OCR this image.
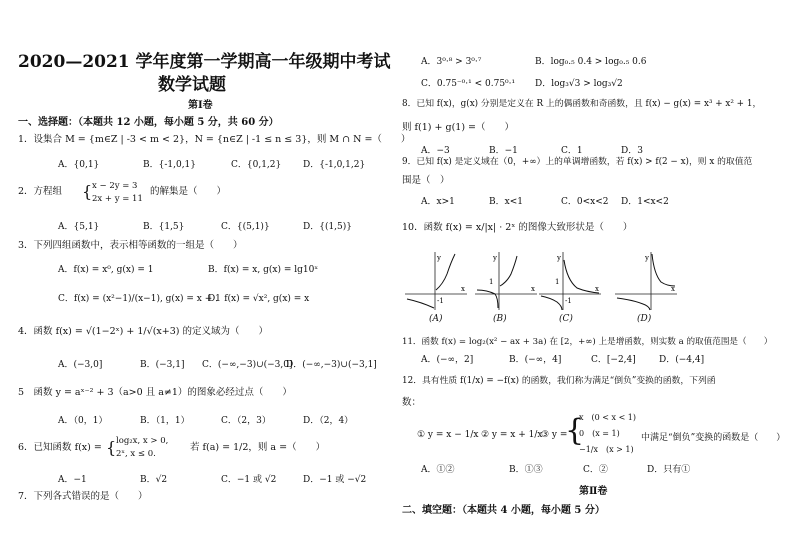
2020—2021 学年度第一学期高一年级期中考试
数学试题
第Ⅰ卷
一、选择题：（本题共 12 小题，每小题 5 分，共 60 分）
1．设集合 M = {m∈Z | -3 < m < 2}，N = {n∈Z | -1 ≤ n ≤ 3}，则 M ∩ N =（　　）
A．{0,1}	B．{-1,0,1}	C．{0,1,2} D．{-1,0,1,2}
2．方程组 { x − 2y = 3
2x + y = 11
的解集是（　　）
A．{5,1}	B．{1,5}	C．{(5,1)}	D．{(1,5)}
3．下列四组函数中，表示相等函数的一组是（　　）
A．f(x) = x⁰, g(x) = 1	B．f(x) = x, g(x) = lg10ˣ
C．f(x) = (x²−1)/(x−1), g(x) = x + 1
D．f(x) = √x², g(x) = x
4．函数 f(x) = √(1−2ˣ) + 1/√(x+3) 的定义域为（　　）
A．(−3,0]	B．(−3,1] C．(−∞,−3)∪(−3,0]
D．(−∞,−3)∪(−3,1]
5　函数 y = aˣ⁻² + 3（a>0 且 a≠1）的图象必经过点（　　）
A．（0，1）	B．（1，1）	C．（2，3）	D．（2，4）
6．已知函数 f(x) = { log₂x, x > 0,
2ˣ, x ≤ 0.
若 f(a) = 1/2，则 a =（　　）
A．−1	B．√2	C．−1 或 √2	D．−1 或 −√2
7．下列各式错误的是（　　）
A．3⁰·⁸ > 3⁰·⁷	B．log₀.₅ 0.4 > log₀.₅ 0.6
C．0.75⁻⁰·¹ < 0.75⁰·¹ D．log₃√3 > log₃√2
8．已知 f(x)，g(x) 分别是定义在 R 上的偶函数和奇函数，且 f(x) − g(x) = x³ + x² + 1，
则 f(1) + g(1) =（　　）
A．−3	B．−1	C．1	D．3
9．已知 f(x) 是定义域在（0，+∞）上的单调增函数，若 f(x) > f(2 − x)，则 x 的取值范
围是（　）
A．x>1	B．x<1	C．0<x<2 D．1<x<2
10．函数 f(x) = x/|x| · 2ˣ 的图像大致形状是（　　）
y
x
-1
(A)
y
x
1
(B)
y
x
1
-1
(C)
y
x
(D)
11．函数 f(x) = log₂(x² − ax + 3a) 在 [2，+∞) 上是增函数，则实数 a 的取值范围是（　　）
A．(−∞，2]	B．(−∞，4]	C．[−2,4]	D．(−4,4]
12．具有性质 f(1/x) = −f(x) 的函数，我们称为满足“倒负”变换的函数，下列函
数：
① y = x − 1/x ② y = x + 1/x
③ y =
{
x　(0 < x < 1)
0　(x = 1)
−1/x　(x > 1)
中满足“倒负”变换的函数是（　　）
A．①②	B．①③	C．②	D．只有①
第Ⅱ卷
二、填空题：（本题共 4 小题，每小题 5 分）
